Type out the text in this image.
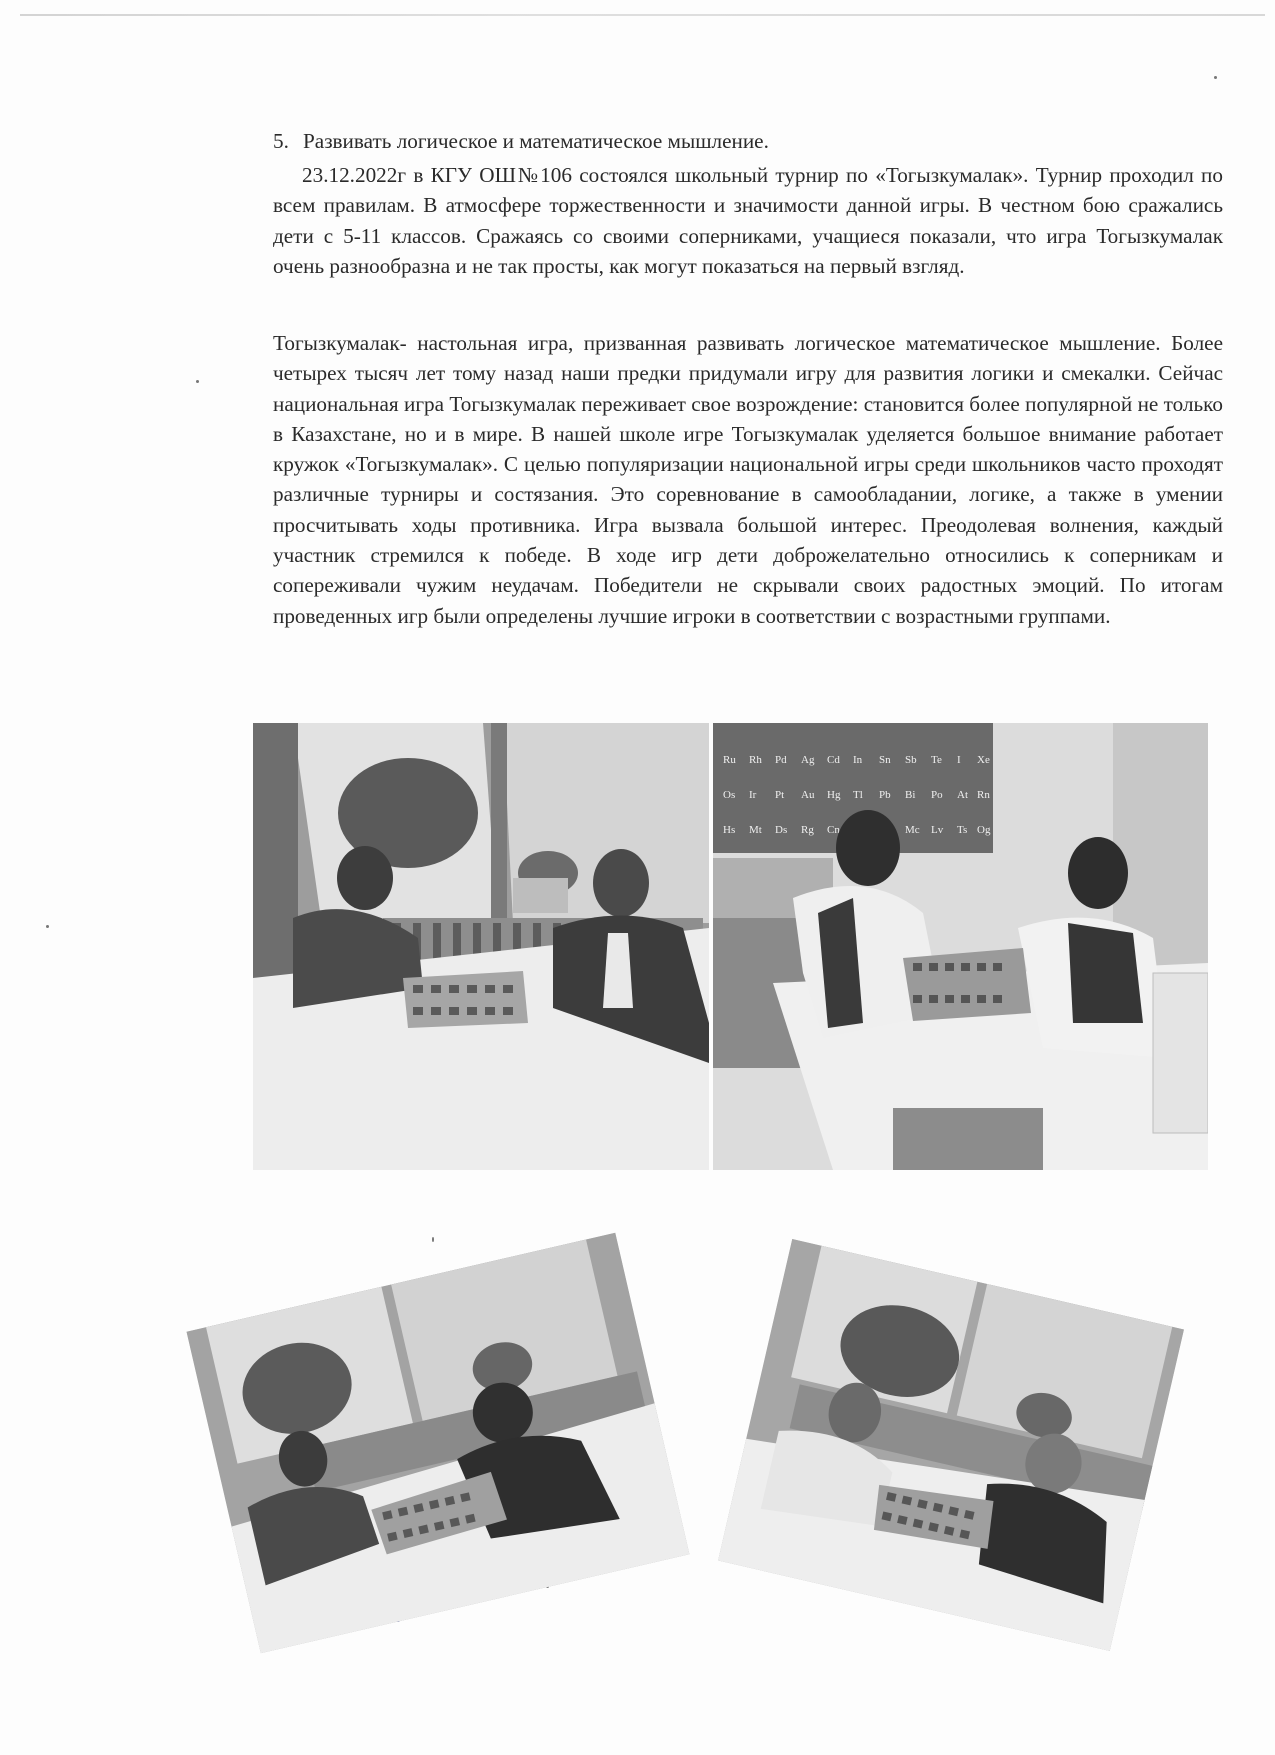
5. Развивать логическое и математическое мышление.

23.12.2022г в КГУ ОШ№106 состоялся школьный турнир по «Тогызкумалак». Турнир проходил по всем правилам. В атмосфере торжественности и значимости данной игры. В честном бою сражались дети с 5-11 классов. Сражаясь со своими соперниками, учащиеся показали, что игра Тогызкумалак очень разнообразна и не так просты, как могут показаться на первый взгляд.

Тогызкумалак- настольная игра, призванная развивать логическое математическое мышление. Более четырех тысяч лет тому назад наши предки придумали игру для развития логики и смекалки. Сейчас национальная игра Тогызкумалак переживает свое возрождение: становится более популярной не только в Казахстане, но и в мире. В нашей школе игре Тогызкумалак уделяется большое внимание работает кружок «Тогызкумалак». С целью популяризации национальной игры среди школьников часто проходят различные турниры и состязания. Это соревнование в самообладании, логике, а также в умении просчитывать ходы противника. Игра вызвала большой интерес. Преодолевая волнения, каждый участник стремился к победе. В ходе игр дети доброжелательно относились к соперникам и сопереживали чужим неудачам. Победители не скрывали своих радостных эмоций. По итогам проведенных игр были определены лучшие игроки в соответствии с возрастными группами.

Ru Rh Pd Ag Cd In Sn Sb Te I Xe
Os Ir Pt Au Hg Tl Pb Bi Po At Rn
Hs Mt Ds Rg Cn	Mc Lv Ts Og
